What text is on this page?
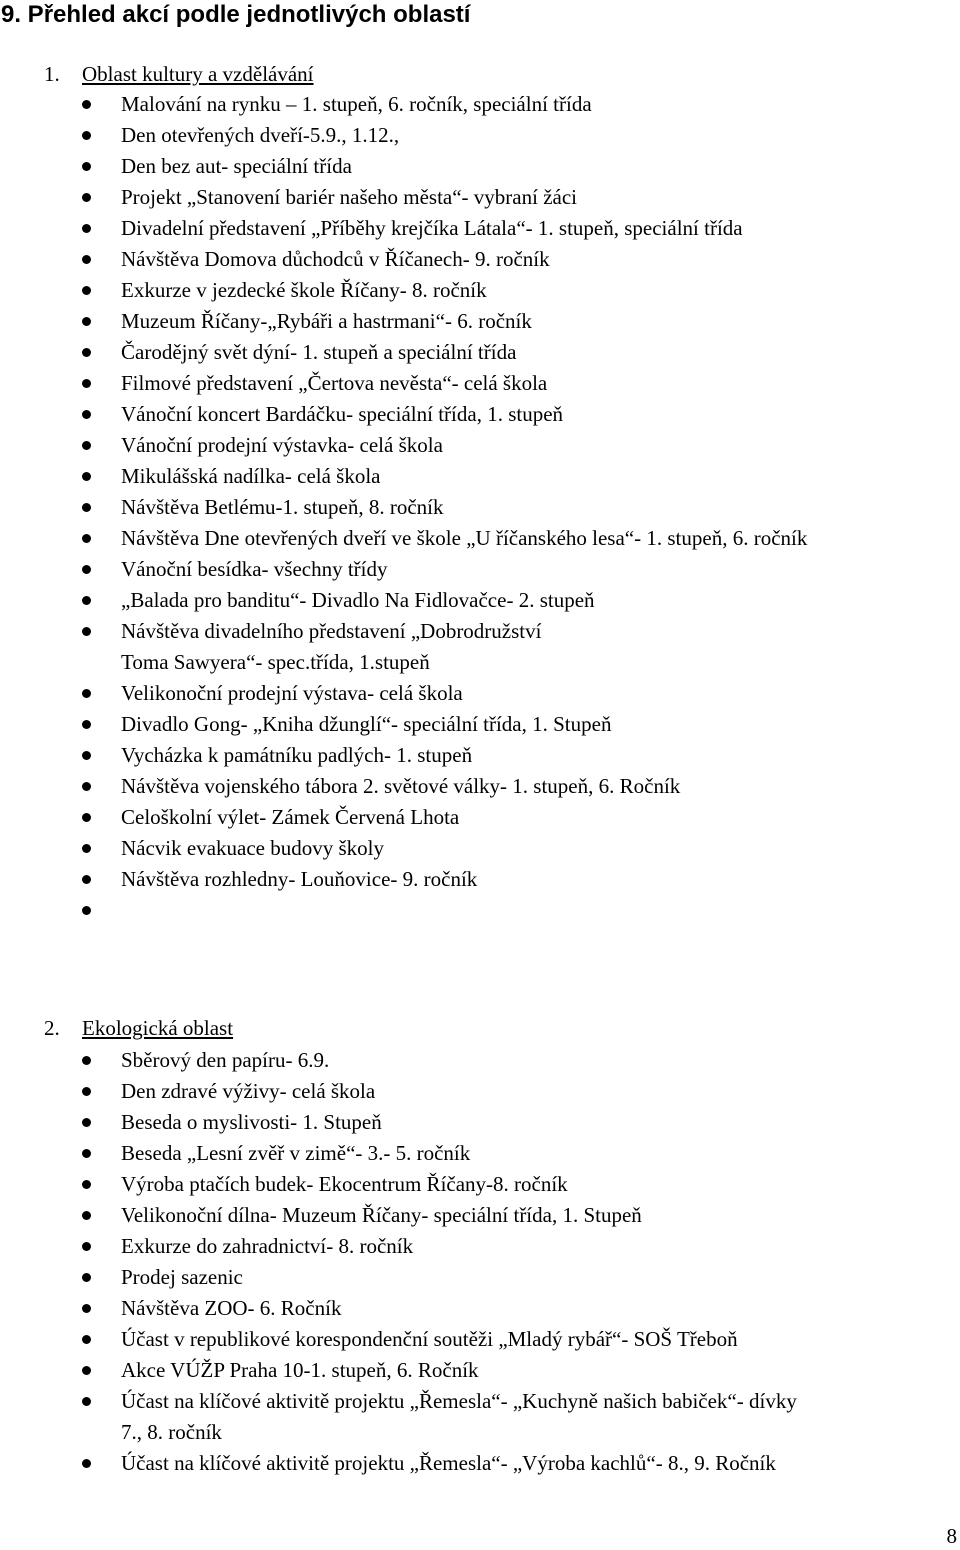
9. Přehled akcí podle jednotlivých oblastí
1. Oblast kultury a vzdělávání
Malování na rynku – 1. stupeň, 6. ročník, speciální třída
Den otevřených dveří-5.9., 1.12.,
Den bez aut- speciální třída
Projekt „Stanovení bariér našeho města“- vybraní žáci
Divadelní představení „Příběhy krejčíka Látala“- 1. stupeň, speciální třída
Návštěva Domova důchodců v Říčanech- 9. ročník
Exkurze v jezdecké škole Říčany- 8. ročník
Muzeum Říčany-„Rybáři a hastrmani“- 6. ročník
Čarodějný svět dýní- 1. stupeň a speciální třída
Filmové představení „Čertova nevěsta“- celá škola
Vánoční koncert Bardáčku- speciální třída, 1. stupeň
Vánoční prodejní výstavka- celá škola
Mikulášská nadílka- celá škola
Návštěva Betlému-1. stupeň, 8. ročník
Návštěva Dne otevřených dveří ve škole „U říčanského lesa“- 1. stupeň, 6. ročník
Vánoční besídka- všechny třídy
„Balada pro banditu“- Divadlo Na Fidlovačce- 2. stupeň
Návštěva divadelního představení „Dobrodružství
Toma Sawyera“- spec.třída, 1.stupeň
Velikonoční prodejní výstava- celá škola
Divadlo Gong- „Kniha džunglí“- speciální třída, 1. Stupeň
Vycházka k památníku padlých- 1. stupeň
Návštěva vojenského tábora 2. světové války- 1. stupeň, 6. Ročník
Celoškolní výlet- Zámek Červená Lhota
Nácvik evakuace budovy školy
Návštěva rozhledny- Louňovice- 9. ročník
2. Ekologická oblast
Sběrový den papíru- 6.9.
Den zdravé výživy- celá škola
Beseda o myslivosti- 1. Stupeň
Beseda „Lesní zvěř v zimě“- 3.- 5. ročník
Výroba ptačích budek- Ekocentrum Říčany-8. ročník
Velikonoční dílna- Muzeum Říčany- speciální třída, 1. Stupeň
Exkurze do zahradnictví- 8. ročník
Prodej sazenic
Návštěva ZOO- 6. Ročník
Účast v republikové korespondenční soutěži „Mladý rybář“- SOŠ Třeboň
Akce VÚŽP Praha 10-1. stupeň, 6. Ročník
Účast na klíčové aktivitě projektu „Řemesla“- „Kuchyně našich babiček“- dívky
7., 8. ročník
Účast na klíčové aktivitě projektu „Řemesla“- „Výroba kachlů“- 8., 9. Ročník
8
